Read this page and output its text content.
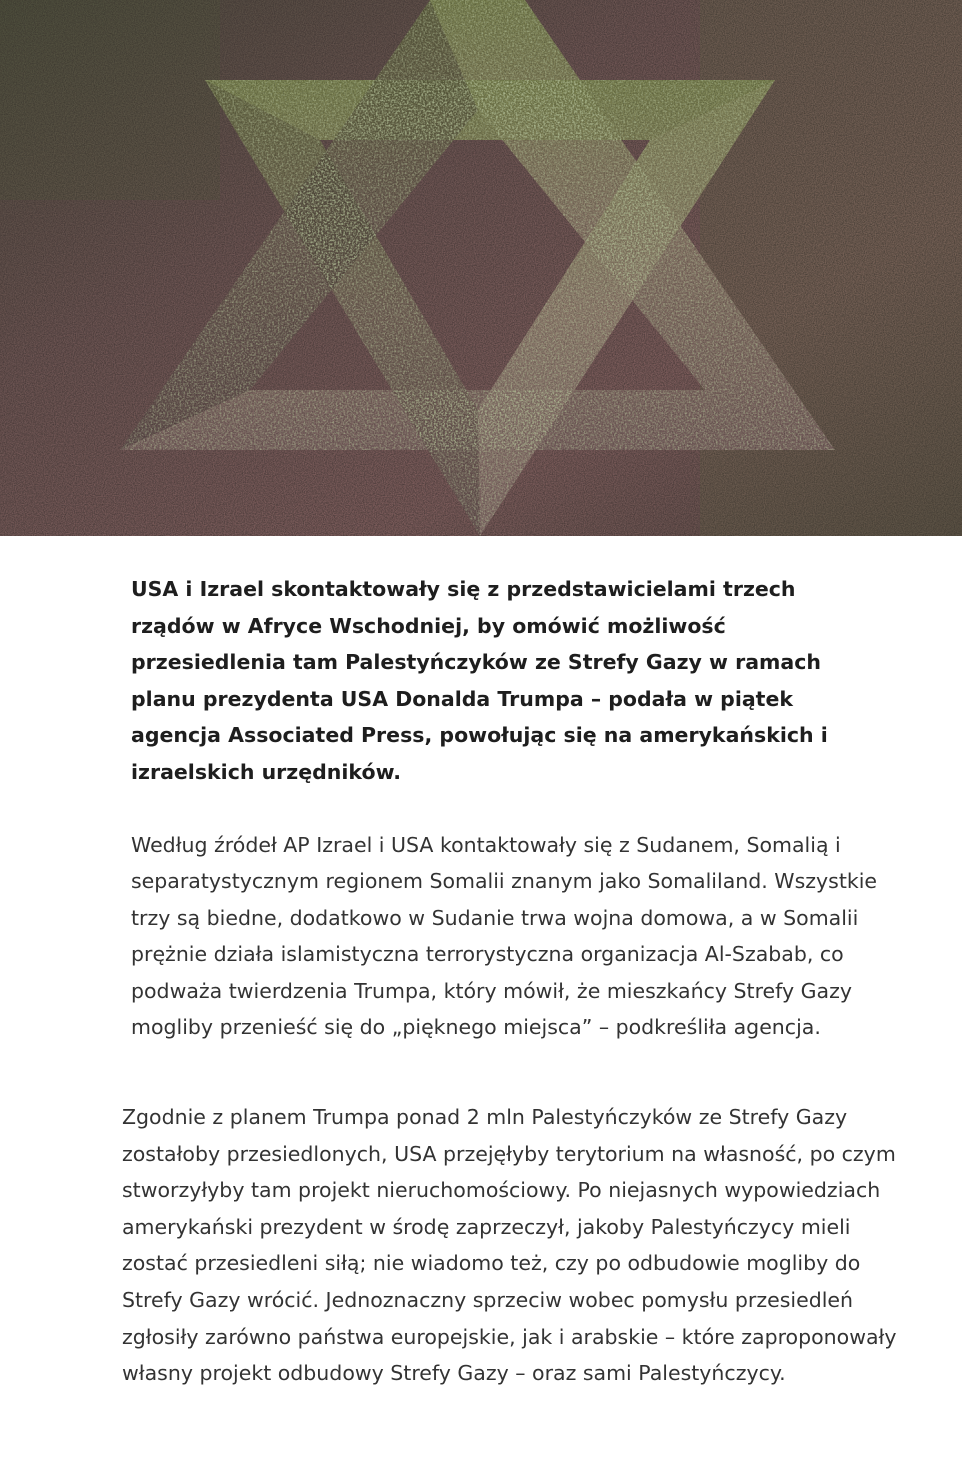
USA i Izrael skontaktowały się z przedstawicielami trzech rządów w Afryce Wschodniej, by omówić możliwość przesiedlenia tam Palestyńczyków ze Strefy Gazy w ramach planu prezydenta USA Donalda Trumpa – podała w piątek agencja Associated Press, powołując się na amerykańskich i izraelskich urzędników.

Według źródeł AP Izrael i USA kontaktowały się z Sudanem, Somalią i separatystycznym regionem Somalii znanym jako Somaliland. Wszystkie trzy są biedne, dodatkowo w Sudanie trwa wojna domowa, a w Somalii prężnie działa islamistyczna terrorystyczna organizacja Al-Szabab, co podważa twierdzenia Trumpa, który mówił, że mieszkańcy Strefy Gazy mogliby przenieść się do „pięknego miejsca” – podkreśliła agencja.

Zgodnie z planem Trumpa ponad 2 mln Palestyńczyków ze Strefy Gazy zostałoby przesiedlonych, USA przejęłyby terytorium na własność, po czym stworzyłyby tam projekt nieruchomościowy. Po niejasnych wypowiedziach amerykański prezydent w środę zaprzeczył, jakoby Palestyńczycy mieli zostać przesiedleni siłą; nie wiadomo też, czy po odbudowie mogliby do Strefy Gazy wrócić. Jednoznaczny sprzeciw wobec pomysłu przesiedleń zgłosiły zarówno państwa europejskie, jak i arabskie – które zaproponowały własny projekt odbudowy Strefy Gazy – oraz sami Palestyńczycy.
